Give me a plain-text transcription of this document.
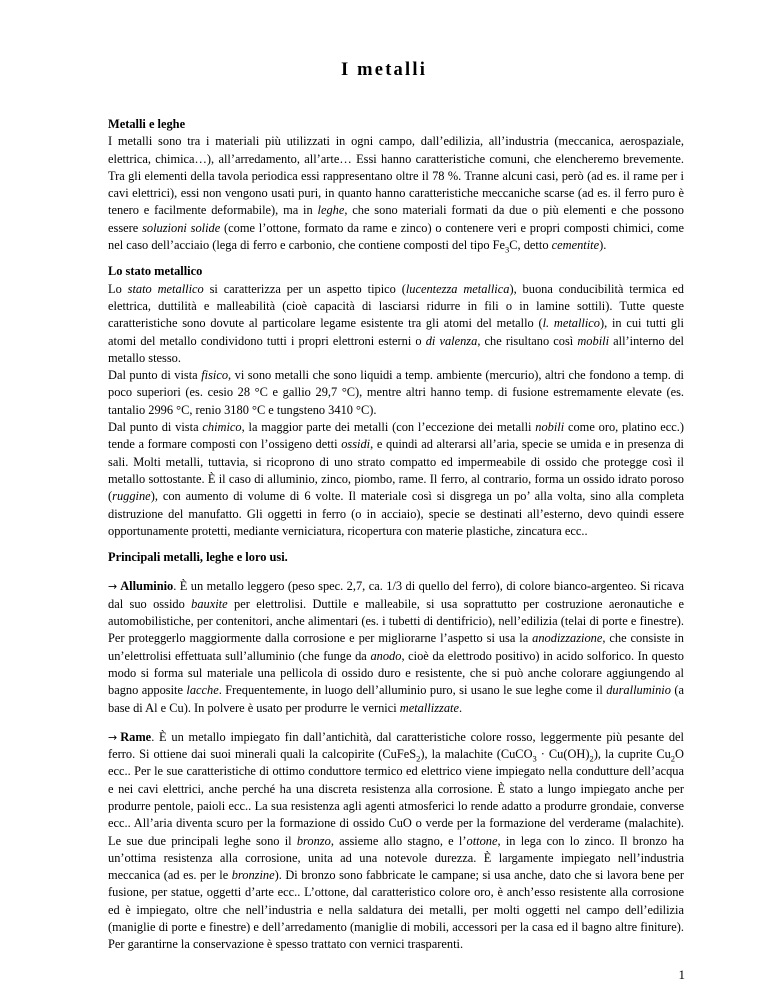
I metalli
Metalli e leghe

I metalli sono tra i materiali più utilizzati in ogni campo, dall’edilizia, all’industria (meccanica, aerospaziale, elettrica, chimica…), all’arredamento, all’arte… Essi hanno caratteristiche comuni, che elencheremo brevemente. Tra gli elementi della tavola periodica essi rappresentano oltre il 78 %. Tranne alcuni casi, però (ad es. il rame per i cavi elettrici), essi non vengono usati puri, in quanto hanno caratteristiche meccaniche scarse (ad es. il ferro puro è tenero e facilmente deformabile), ma in leghe, che sono materiali formati da due o più elementi e che possono essere soluzioni solide (come l’ottone, formato da rame e zinco) o contenere veri e propri composti chimici, come nel caso dell’acciaio (lega di ferro e carbonio, che contiene composti del tipo $Fe_3C$, detto cementite).

Lo stato metallico

Lo stato metallico si caratterizza per un aspetto tipico (lucentezza metallica), buona conducibilità termica ed elettrica, duttilità e malleabilità (cioè capacità di lasciarsi ridurre in fili o in lamine sottili). Tutte queste caratteristiche sono dovute al particolare legame esistente tra gli atomi del metallo (l. metallico), in cui tutti gli atomi del metallo condividono tutti i propri elettroni esterni o di valenza, che risultano così mobili all’interno del metallo stesso.

Dal punto di vista fisico, vi sono metalli che sono liquidi a temp. ambiente (mercurio), altri che fondono a temp. di poco superiori (es. cesio 28 °C e gallio 29,7 °C), mentre altri hanno temp. di fusione estremamente elevate (es. tantalio 2996 °C, renio 3180 °C e tungsteno 3410 °C).

Dal punto di vista chimico, la maggior parte dei metalli (con l’eccezione dei metalli nobili come oro, platino ecc.) tende a formare composti con l’ossigeno detti ossidi, e quindi ad alterarsi all’aria, specie se umida e in presenza di sali. Molti metalli, tuttavia, si ricoprono di uno strato compatto ed impermeabile di ossido che protegge così il metallo sottostante. È il caso di alluminio, zinco, piombo, rame. Il ferro, al contrario, forma un ossido idrato poroso (ruggine), con aumento di volume di 6 volte. Il materiale così si disgrega un po’ alla volta, sino alla completa distruzione del manufatto. Gli oggetti in ferro (o in acciaio), specie se destinati all’esterno, devo quindi essere opportunamente protetti, mediante verniciatura, ricopertura con materie plastiche, zincatura ecc..

Principali metalli, leghe e loro usi.

→ Alluminio. È un metallo leggero (peso spec. 2,7, ca. 1/3 di quello del ferro), di colore bianco-argenteo. Si ricava dal suo ossido bauxite per elettrolisi. Duttile e malleabile, si usa soprattutto per costruzione aeronautiche e automobilistiche, per contenitori, anche alimentari (es. i tubetti di dentifricio), nell’edilizia (telai di porte e finestre). Per proteggerlo maggiormente dalla corrosione e per migliorarne l’aspetto si usa la anodizzazione, che consiste in un’elettrolisi effettuata sull’alluminio (che funge da anodo, cioè da elettrodo positivo) in acido solforico. In questo modo si forma sul materiale una pellicola di ossido duro e resistente, che si può anche colorare aggiungendo al bagno apposite lacche. Frequentemente, in luogo dell’alluminio puro, si usano le sue leghe come il duralluminio (a base di Al e Cu). In polvere è usato per produrre le vernici metallizzate.

→ Rame. È un metallo impiegato fin dall’antichità, dal caratteristiche colore rosso, leggermente più pesante del ferro. Si ottiene dai suoi minerali quali la calcopirite (CuFeS$_2$), la malachite (CuCO$_3$ · $Cu(OH)_2$), la cuprite $Cu_2O$ ecc.. Per le sue caratteristiche di ottimo conduttore termico ed elettrico viene impiegato nella condutture dell’acqua e nei cavi elettrici, anche perché ha una discreta resistenza alla corrosione. È stato a lungo impiegato anche per produrre pentole, paioli ecc.. La sua resistenza agli agenti atmosferici lo rende adatto a produrre grondaie, converse ecc.. All’aria diventa scuro per la formazione di ossido CuO o verde per la formazione del verderame (malachite). Le sue due principali leghe sono il bronzo, assieme allo stagno, e l’ottone, in lega con lo zinco. Il bronzo ha un’ottima resistenza alla corrosione, unita ad una notevole durezza. È largamente impiegato nell’industria meccanica (ad es. per le bronzine). Di bronzo sono fabbricate le campane; si usa anche, dato che si lavora bene per fusione, per statue, oggetti d’arte ecc.. L’ottone, dal caratteristico colore oro, è anch’esso resistente alla corrosione ed è impiegato, oltre che nell’industria e nella saldatura dei metalli, per molti oggetti nel campo dell’edilizia (maniglie di porte e finestre) e dell’arredamento (maniglie di mobili, accessori per la casa ed il bagno altre finiture). Per garantirne la conservazione è spesso trattato con vernici trasparenti.

1
